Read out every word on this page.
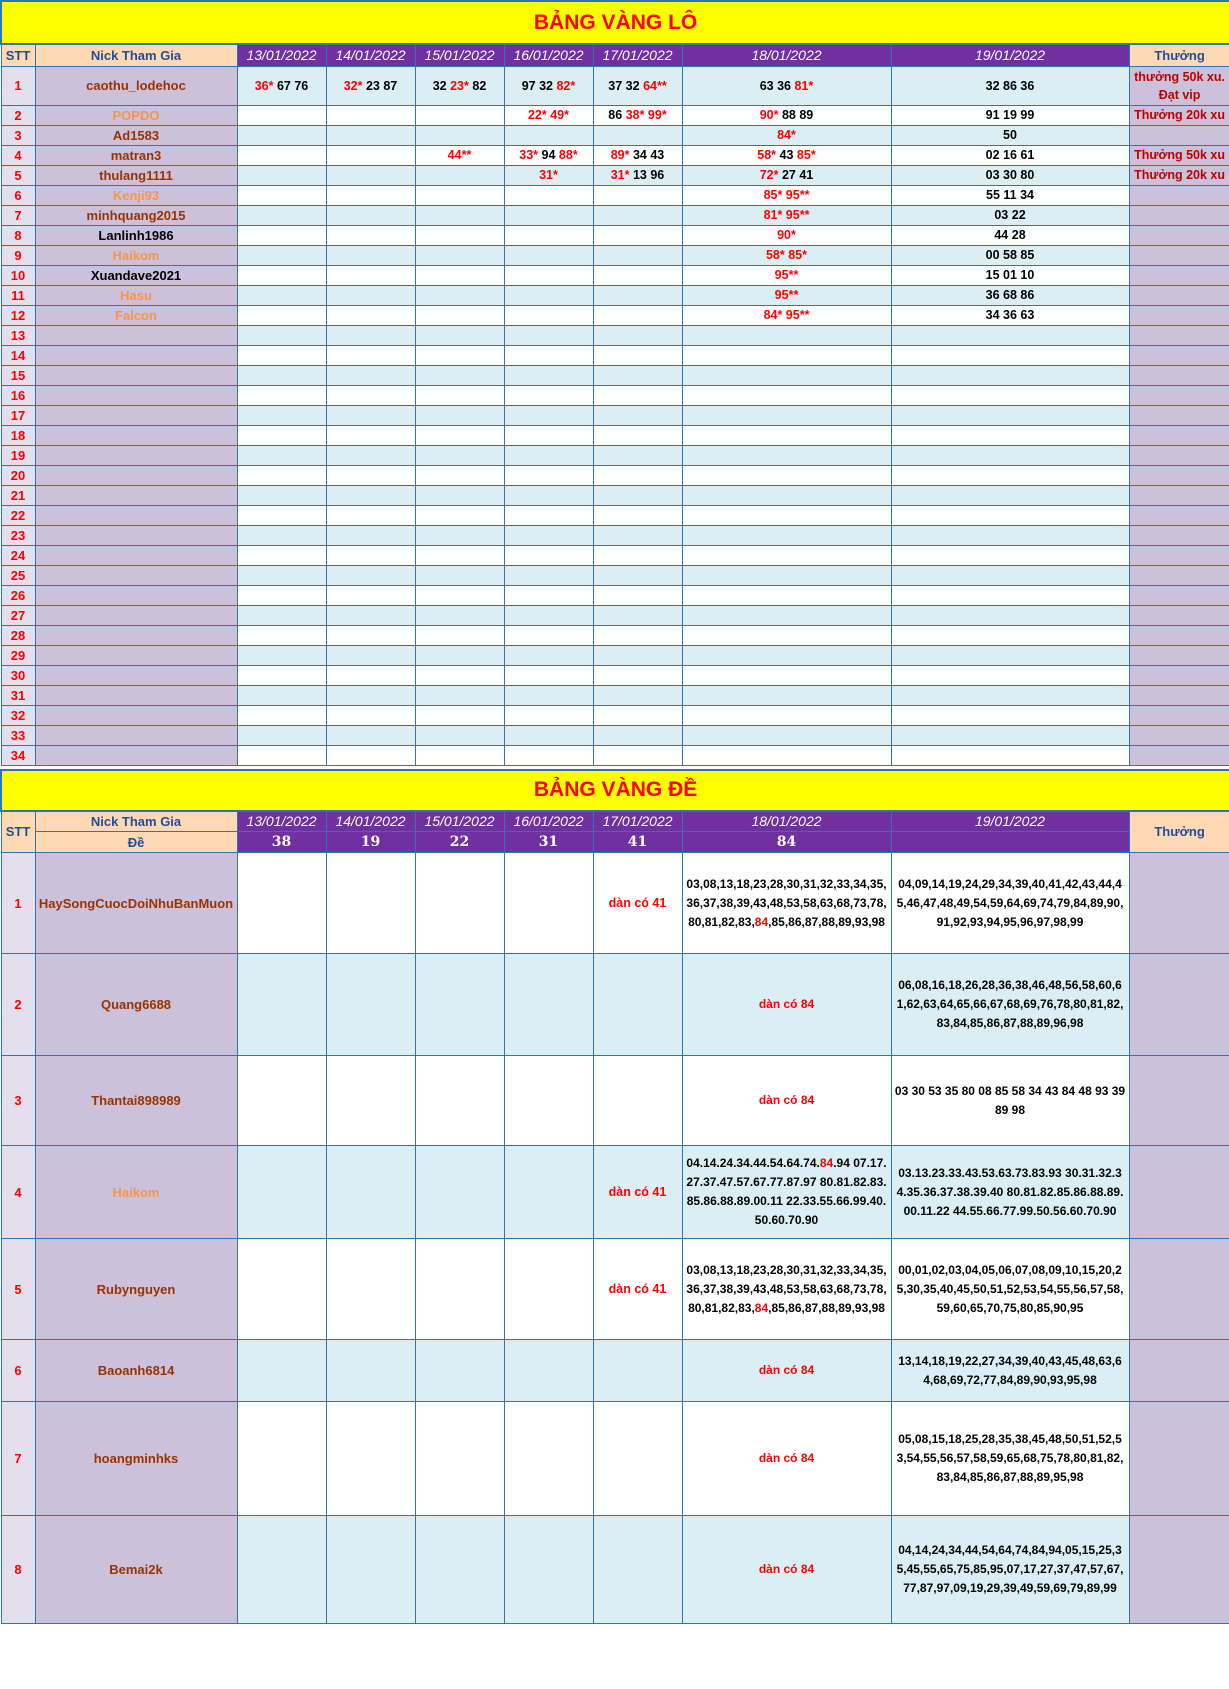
BẢNG VÀNG LÔ									
STT	Nick Tham Gia	13/01/2022	14/01/2022	15/01/2022	16/01/2022	17/01/2022	18/01/2022	19/01/2022	Thưởng
1	caothu_lodehoc	36* 67 76	32* 23 87	32 23* 82	97 32 82*	37 32 64**	63 36 81*	32 86 36	thưởng 50k xu. Đạt vip
2	POPDO				22* 49*	86 38* 99*	90* 88 89	91 19 99	Thưởng 20k xu
3	Ad1583						84*	50	
4	matran3			44**	33* 94 88*	89* 34 43	58* 43 85*	02 16 61	Thưởng 50k xu
5	thulang1111				31*	31* 13 96	72* 27 41	03 30 80	Thưởng 20k xu
6	Kenji93						85* 95**	55 11 34	
7	minhquang2015						81* 95**	03 22	
8	Lanlinh1986						90*	44 28	
9	Haikom						58* 85*	00 58 85	
10	Xuandave2021						95**	15 01 10	
11	Hasu						95**	36 68 86	
12	Falcon						84* 95**	34 36 63	
13									
14									
15									
16									
17									
18									
19									
20									
21									
22									
23									
24									
25									
26									
27									
28									
29									
30									
31									
32									
33									
34									
BẢNG VÀNG ĐỀ									
STT	Nick Tham Gia	13/01/2022	14/01/2022	15/01/2022	16/01/2022	17/01/2022	18/01/2022	19/01/2022	Thưởng
	Đề	38	19	22	31	41	84		
1	HaySongCuocDoiNhuBanMuon					dàn có 41	03,08,13,18,23,28,30,31,32,33,34,35,36,37,38,39,43,48,53,58,63,68,73,78,80,81,82,83,84,85,86,87,88,89,93,98	04,09,14,19,24,29,34,39,40,41,42,43,44,45,46,47,48,49,54,59,64,69,74,79,84,89,90,91,92,93,94,95,96,97,98,99	
2	Quang6688						dàn có 84	06,08,16,18,26,28,36,38,46,48,56,58,60,61,62,63,64,65,66,67,68,69,76,78,80,81,82,83,84,85,86,87,88,89,96,98	
3	Thantai898989						dàn có 84	03 30 53 35 80 08 85 58 34 43 84 48 93 39 89 98	
4	Haikom					dàn có 41	04.14.24.34.44.54.64.74.84.94 07.17.27.37.47.57.67.77.87.97 80.81.82.83.85.86.88.89.00.11 22.33.55.66.99.40.50.60.70.90	03.13.23.33.43.53.63.73.83.93 30.31.32.34.35.36.37.38.39.40 80.81.82.85.86.88.89.00.11.22 44.55.66.77.99.50.56.60.70.90	
5	Rubynguyen					dàn có 41	03,08,13,18,23,28,30,31,32,33,34,35,36,37,38,39,43,48,53,58,63,68,73,78,80,81,82,83,84,85,86,87,88,89,93,98	00,01,02,03,04,05,06,07,08,09,10,15,20,25,30,35,40,45,50,51,52,53,54,55,56,57,58,59,60,65,70,75,80,85,90,95	
6	Baoanh6814						dàn có 84	13,14,18,19,22,27,34,39,40,43,45,48,63,64,68,69,72,77,84,89,90,93,95,98	
7	hoangminhks						dàn có 84	05,08,15,18,25,28,35,38,45,48,50,51,52,53,54,55,56,57,58,59,65,68,75,78,80,81,82,83,84,85,86,87,88,89,95,98	
8	Bemai2k						dàn có 84	04,14,24,34,44,54,64,74,84,94,05,15,25,35,45,55,65,75,85,95,07,17,27,37,47,57,67,77,87,97,09,19,29,39,49,59,69,79,89,99	
